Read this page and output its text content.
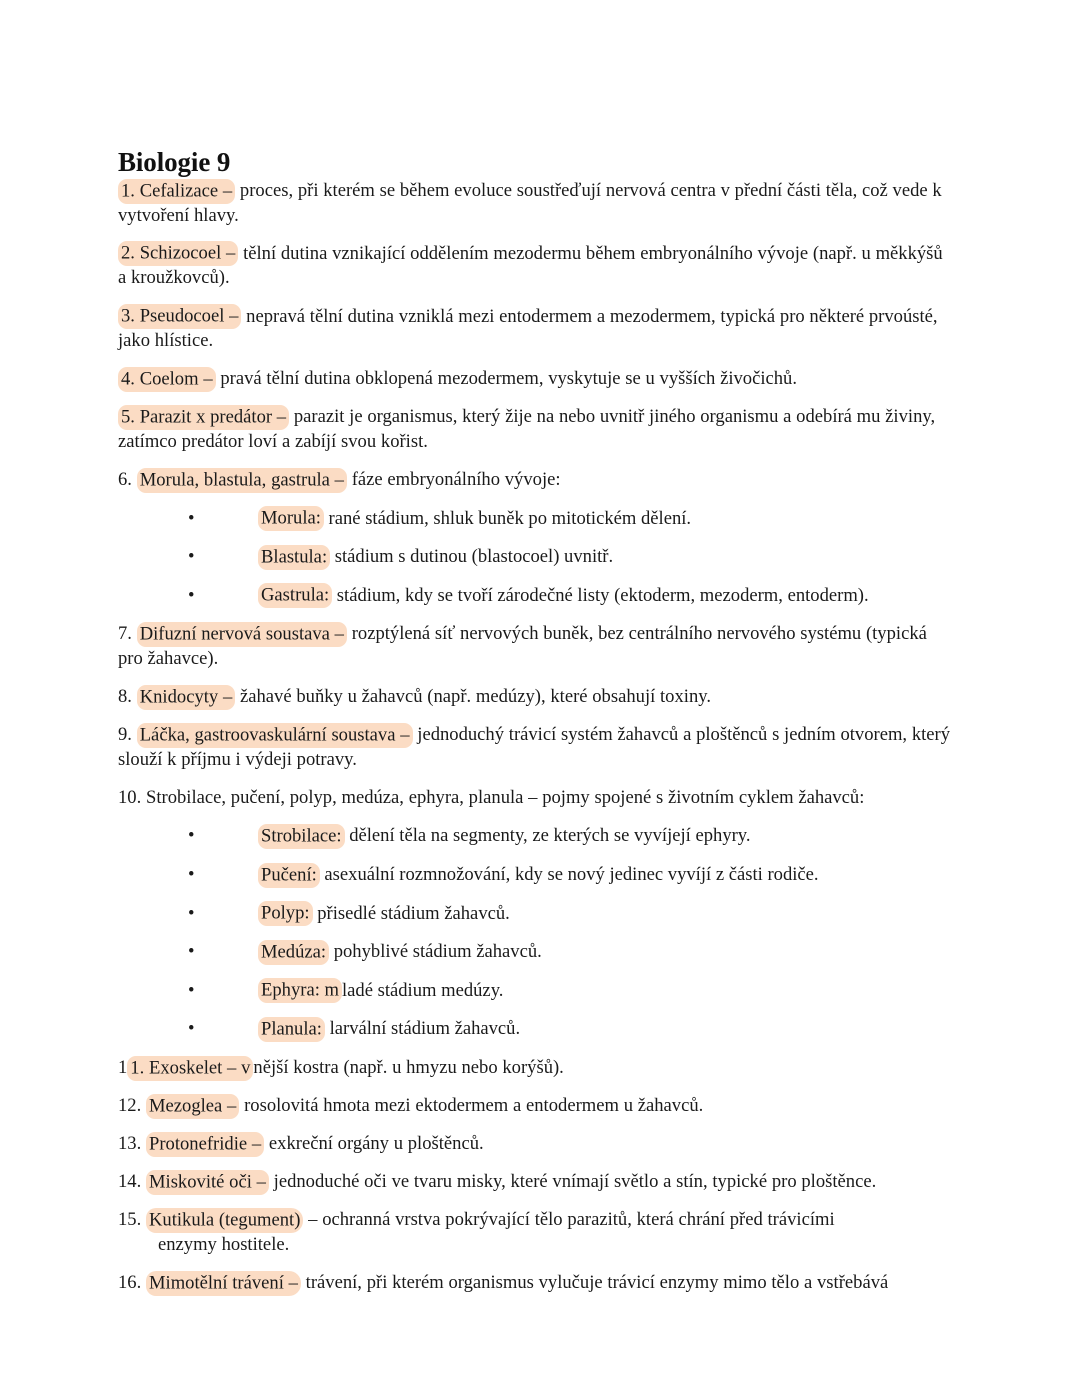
Biologie 9

1. Cefalizace – proces, při kterém se během evoluce soustřeďují nervová centra v přední části těla, což vede k vytvoření hlavy.

2. Schizocoel – tělní dutina vznikající oddělením mezodermu během embryonálního vývoje (např. u měkkýšů a kroužkovců).

3. Pseudocoel – nepravá tělní dutina vzniklá mezi entodermem a mezodermem, typická pro některé prvoústé, jako hlístice.

4. Coelom – pravá tělní dutina obklopená mezodermem, vyskytuje se u vyšších živočichů.

5. Parazit x predátor – parazit je organismus, který žije na nebo uvnitř jiného organismu a odebírá mu živiny, zatímco predátor loví a zabíjí svou kořist.

6. Morula, blastula, gastrula – fáze embryonálního vývoje:

•	Morula: rané stádium, shluk buněk po mitotickém dělení.
•	Blastula: stádium s dutinou (blastocoel) uvnitř.
•	Gastrula: stádium, kdy se tvoří zárodečné listy (ektoderm, mezoderm, entoderm).

7. Difuzní nervová soustava – rozptýlená síť nervových buněk, bez centrálního nervového systému (typická pro žahavce).

8. Knidocyty – žahavé buňky u žahavců (např. medúzy), které obsahují toxiny.

9. Láčka, gastroovaskulární soustava – jednoduchý trávicí systém žahavců a ploštěnců s jedním otvorem, který slouží k příjmu i výdeji potravy.

10. Strobilace, pučení, polyp, medúza, ephyra, planula – pojmy spojené s životním cyklem žahavců:

•	Strobilace: dělení těla na segmenty, ze kterých se vyvíjejí ephyry.
•	Pučení: asexuální rozmnožování, kdy se nový jedinec vyvíjí z části rodiče.
•	Polyp: přisedlé stádium žahavců.
•	Medúza: pohyblivé stádium žahavců.
•	Ephyra: m ladé stádium medúzy.
•	Planula: larvální stádium žahavců.

1 1. Exoskelet – v nější kostra (např. u hmyzu nebo korýšů).

12. Mezoglea – rosolovitá hmota mezi ektodermem a entodermem u žahavců.

13. Protonefridie – exkreční orgány u ploštěnců.

14. Miskovité oči – jednoduché oči ve tvaru misky, které vnímají světlo a stín, typické pro ploštěnce.

15. Kutikula (tegument) – ochranná vrstva pokrývající tělo parazitů, která chrání před trávicími
enzymy hostitele.

16. Mimotělní trávení – trávení, při kterém organismus vylučuje trávicí enzymy mimo tělo a vstřebává
